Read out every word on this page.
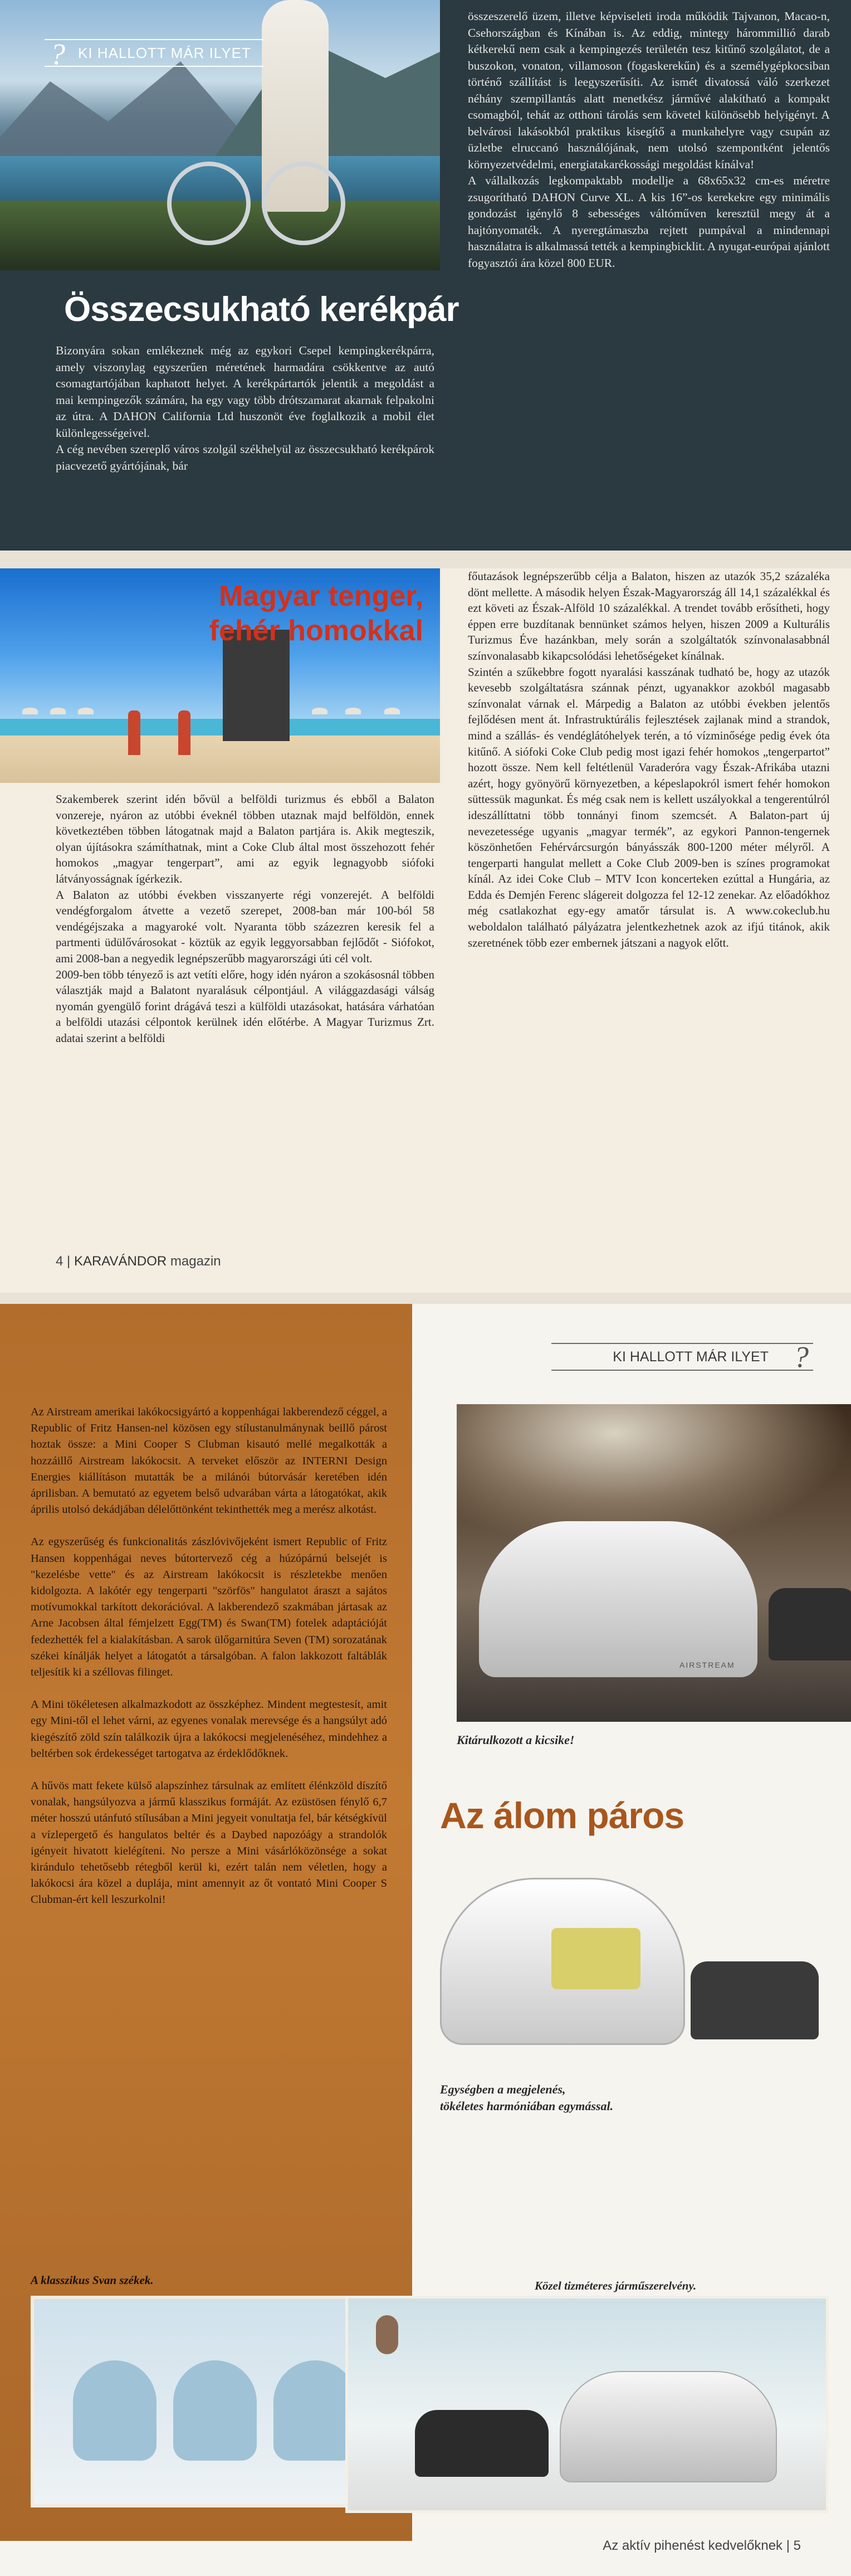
? KI HALLOTT MÁR ILYET
Összecsukható kerékpár

Bizonyára sokan emlékeznek még az egykori Csepel kempingkerékpárra, amely viszonylag egyszerűen méretének harmadára csökkentve az autó csomagtartójában kaphatott helyet. A kerékpártartók jelentik a megoldást a mai kempingezők számára, ha egy vagy több drótszamarat akarnak felpakolni az útra. A DAHON California Ltd huszonöt éve foglalkozik a mobil élet különlegességeivel.

A cég nevében szereplő város szolgál székhelyül az összecsukható kerékpárok piacvezető gyártójának, bár

összeszerelő üzem, illetve képviseleti iroda működik Tajvanon, Macao-n, Csehországban és Kínában is. Az eddig, mintegy hárommillió darab kétkerekű nem csak a kempingezés területén tesz kitűnő szolgálatot, de a buszokon, vonaton, villamoson (fogaskerekűn) és a személygépkocsiban történő szállítást is leegyszerűsíti. Az ismét divatossá váló szerkezet néhány szempillantás alatt menetkész járművé alakítható a kompakt csomagból, tehát az otthoni tárolás sem követel különösebb helyigényt. A belvárosi lakásokból praktikus kisegítő a munkahelyre vagy csupán az üzletbe elruccanó használójának, nem utolsó szempontként jelentős környezetvédelmi, energiatakarékossági megoldást kínálva!

A vállalkozás legkompaktabb modellje a 68x65x32 cm-es méretre zsugorítható DAHON Curve XL. A kis 16”-os kerekekre egy minimális gondozást igénylő 8 sebességes váltóműven keresztül megy át a hajtónyomaték. A nyeregtámaszba rejtett pumpával a mindennapi használatra is alkalmassá tették a kempingbicklit. A nyugat-európai ajánlott fogyasztói ára közel 800 EUR.

Magyar tenger,
fehér homokkal

Szakemberek szerint idén bővül a belföldi turizmus és ebből a Balaton vonzereje, nyáron az utóbbi éveknél többen utaznak majd belföldön, ennek következtében többen látogatnak majd a Balaton partjára is. Akik megteszik, olyan újításokra számíthatnak, mint a Coke Club által most összehozott fehér homokos „magyar tengerpart”, ami az egyik legnagyobb siófoki látványosságnak ígérkezik.

A Balaton az utóbbi években visszanyerte régi vonzerejét. A belföldi vendégforgalom átvette a vezető szerepet, 2008-ban már 100-ból 58 vendégéjszaka a magyaroké volt. Nyaranta több százezren keresik fel a partmenti üdülővárosokat - köztük az egyik leggyorsabban fejlődőt - Siófokot, ami 2008-ban a negyedik legnépszerűbb magyarországi úti cél volt.

2009-ben több tényező is azt vetíti előre, hogy idén nyáron a szokásosnál többen választják majd a Balatont nyaralásuk célpontjául. A világgazdasági válság nyomán gyengülő forint drágává teszi a külföldi utazásokat, hatására várhatóan a belföldi utazási célpontok kerülnek idén előtérbe. A Magyar Turizmus Zrt. adatai szerint a belföldi

főutazások legnépszerűbb célja a Balaton, hiszen az utazók 35,2 százaléka dönt mellette. A második helyen Észak-Magyarország áll 14,1 százalékkal és ezt követi az Észak-Alföld 10 százalékkal. A trendet tovább erősítheti, hogy éppen erre buzdítanak bennünket számos helyen, hiszen 2009 a Kulturális Turizmus Éve hazánkban, mely során a szolgáltatók színvonalasabbnál színvonalasabb kikapcsolódási lehetőségeket kínálnak.

Szintén a szűkebbre fogott nyaralási kasszának tudható be, hogy az utazók kevesebb szolgáltatásra szánnak pénzt, ugyanakkor azokból magasabb színvonalat várnak el. Márpedig a Balaton az utóbbi években jelentős fejlődésen ment át. Infrastruktúrális fejlesztések zajlanak mind a strandok, mind a szállás- és vendéglátóhelyek terén, a tó vízminősége pedig évek óta kitűnő. A siófoki Coke Club pedig most igazi fehér homokos „tengerpartot” hozott össze. Nem kell feltétlenül Varaderóra vagy Észak-Afrikába utazni azért, hogy gyönyörű környezetben, a képeslapokról ismert fehér homokon süttessük magunkat. És még csak nem is kellett uszályokkal a tengerentúlról ideszállíttatni több tonnányi finom szemcsét. A Balaton-part új nevezetessége ugyanis „magyar termék”, az egykori Pannon-tengernek köszönhetően Fehérvárcsurgón bányásszák 800-1200 méter mélyről. A tengerparti hangulat mellett a Coke Club 2009-ben is színes programokat kínál. Az idei Coke Club – MTV Icon koncerteken ezúttal a Hungária, az Edda és Demjén Ferenc slágereit dolgozza fel 12-12 zenekar. Az előadókhoz még csatlakozhat egy-egy amatőr társulat is. A www.cokeclub.hu weboldalon található pályázatra jelentkezhetnek azok az ifjú titánok, akik szeretnének több ezer embernek játszani a nagyok előtt.

4 | KARAVÁNDOR magazin

Az Airstream amerikai lakókocsigyártó a koppenhágai lakberendező céggel, a Republic of Fritz Hansen-nel közösen egy stílustanulmánynak beillő párost hoztak össze: a Mini Cooper S Clubman kisautó mellé megalkották a hozzáillő Airstream lakókocsit. A terveket először az INTERNI Design Energies kiállításon mutatták be a milánói bútorvásár keretében idén áprilisban. A bemutató az egyetem belső udvarában várta a látogatókat, akik április utolsó dekádjában délelőttönként tekinthették meg a merész alkotást.

Az egyszerűség és funkcionalitás zászlóvivőjeként ismert Republic of Fritz Hansen koppenhágai neves bútortervező cég a húzópárnú belsejét is "kezelésbe vette" és az Airstream lakókocsit is részletekbe menően kidolgozta. A lakótér egy tengerparti "szörfös" hangulatot áraszt a sajátos motívumokkal tarkított dekorációval. A lakberendező szakmában jártasak az Arne Jacobsen által fémjelzett Egg(TM) és Swan(TM) fotelek adaptációját fedezhették fel a kialakításban. A sarok ülőgarnitúra Seven (TM) sorozatának székei kínálják helyet a látogatót a társalgóban. A falon lakkozott faltáblák teljesítik ki a széllovas filinget.

A Mini tökéletesen alkalmazkodott az összképhez. Mindent megtestesít, amit egy Mini-től el lehet várni, az egyenes vonalak merevsége és a hangsúlyt adó kiegészítő zöld szín találkozik újra a lakókocsi megjelenéséhez, mindehhez a beltérben sok érdekességet tartogatva az érdeklődőknek.

A hűvös matt fekete külső alapszínhez társulnak az említett élénkzöld díszítő vonalak, hangsúlyozva a jármű klasszikus formáját. Az ezüstösen fénylő 6,7 méter hosszú utánfutó stílusában a Mini jegyeit vonultatja fel, bár kétségkívül a vízlepergető és hangulatos beltér és a Daybed napozóágy a strandolók igényeit hivatott kielégíteni. No persze a Mini vásárlóközönsége a sokat kirándulo tehetősebb rétegből kerül ki, ezért talán nem véletlen, hogy a lakókocsi ára közel a duplája, mint amennyit az őt vontató Mini Cooper S Clubman-ért kell leszurkolni!

A klasszikus Svan székek.
KI HALLOTT MÁR ILYET ?
AIRSTREAM
Kitárulkozott a kicsike!
Az álom páros
Egységben a megjelenés,
tökéletes harmóniában egymással.
Közel tizméteres járműszerelvény.
Az aktív pihenést kedvelőknek | 5
